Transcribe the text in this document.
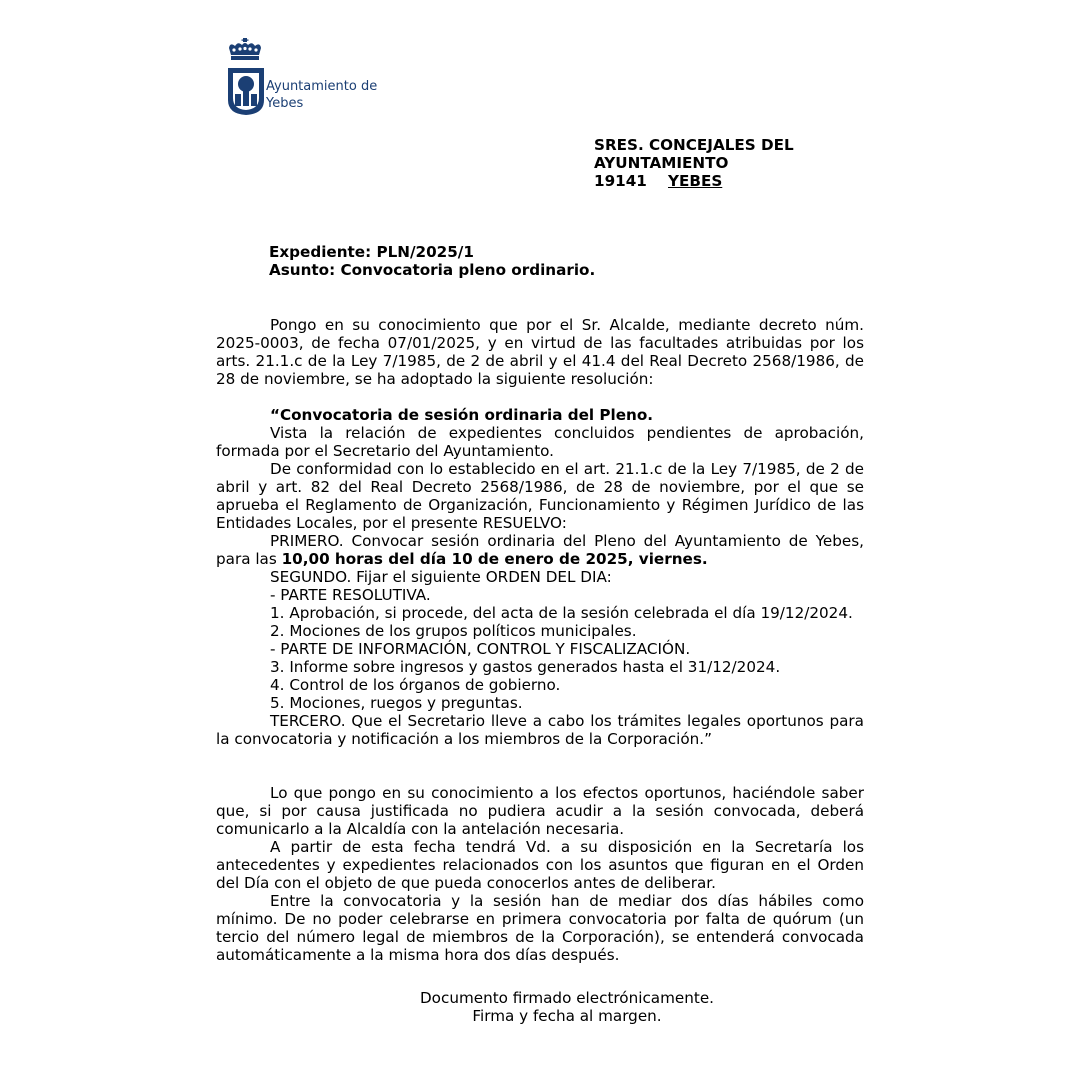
Ayuntamiento de
Yebes
SRES. CONCEJALES DEL
AYUNTAMIENTO
19141 YEBES
Expediente: PLN/2025/1
Asunto: Convocatoria pleno ordinario.

Pongo en su conocimiento que por el Sr. Alcalde, mediante decreto núm. 2025-0003, de fecha 07/01/2025, y en virtud de las facultades atribuidas por los arts. 21.1.c de la Ley 7/1985, de 2 de abril y el 41.4 del Real Decreto 2568/1986, de 28 de noviembre, se ha adoptado la siguiente resolución:

“Convocatoria de sesión ordinaria del Pleno.

Vista la relación de expedientes concluidos pendientes de aprobación, formada por el Secretario del Ayuntamiento.

De conformidad con lo establecido en el art. 21.1.c de la Ley 7/1985, de 2 de abril y art. 82 del Real Decreto 2568/1986, de 28 de noviembre, por el que se aprueba el Reglamento de Organización, Funcionamiento y Régimen Jurídico de las Entidades Locales, por el presente RESUELVO:

PRIMERO. Convocar sesión ordinaria del Pleno del Ayuntamiento de Yebes, para las 10,00 horas del día 10 de enero de 2025, viernes.

SEGUNDO. Fijar el siguiente ORDEN DEL DIA:

- PARTE RESOLUTIVA.

1. Aprobación, si procede, del acta de la sesión celebrada el día 19/12/2024.

2. Mociones de los grupos políticos municipales.

- PARTE DE INFORMACIÓN, CONTROL Y FISCALIZACIÓN.

3. Informe sobre ingresos y gastos generados hasta el 31/12/2024.

4. Control de los órganos de gobierno.

5. Mociones, ruegos y preguntas.

TERCERO. Que el Secretario lleve a cabo los trámites legales oportunos para la convocatoria y notificación a los miembros de la Corporación.”

Lo que pongo en su conocimiento a los efectos oportunos, haciéndole saber que, si por causa justificada no pudiera acudir a la sesión convocada, deberá comunicarlo a la Alcaldía con la antelación necesaria.

A partir de esta fecha tendrá Vd. a su disposición en la Secretaría los antecedentes y expedientes relacionados con los asuntos que figuran en el Orden del Día con el objeto de que pueda conocerlos antes de deliberar.

Entre la convocatoria y la sesión han de mediar dos días hábiles como mínimo. De no poder celebrarse en primera convocatoria por falta de quórum (un tercio del número legal de miembros de la Corporación), se entenderá convocada automáticamente a la misma hora dos días después.

Documento firmado electrónicamente.
Firma y fecha al margen.
